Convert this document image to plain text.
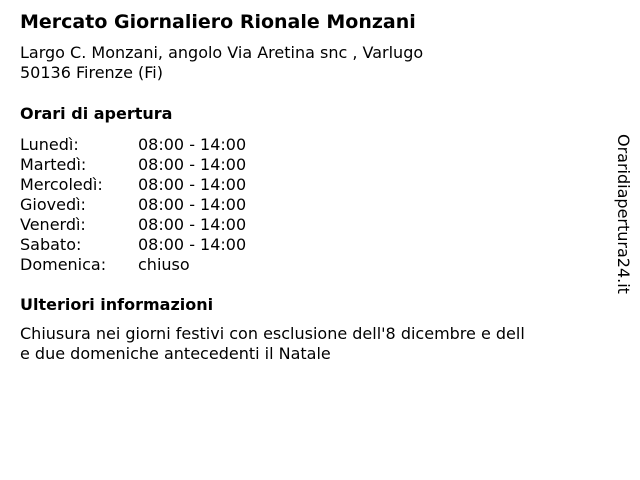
Mercato Giornaliero Rionale Monzani
Largo C. Monzani, angolo Via Aretina snc , Varlugo
50136 Firenze (Fi)
Orari di apertura
Lunedì:	08:00 - 14:00
Martedì:	08:00 - 14:00
Mercoledì:	08:00 - 14:00
Giovedì:	08:00 - 14:00
Venerdì:	08:00 - 14:00
Sabato:	08:00 - 14:00
Domenica:	chiuso
Ulteriori informazioni
Chiusura nei giorni festivi con esclusione dell'8 dicembre e dell
e due domeniche antecedenti il Natale
Oraridiapertura24.it
